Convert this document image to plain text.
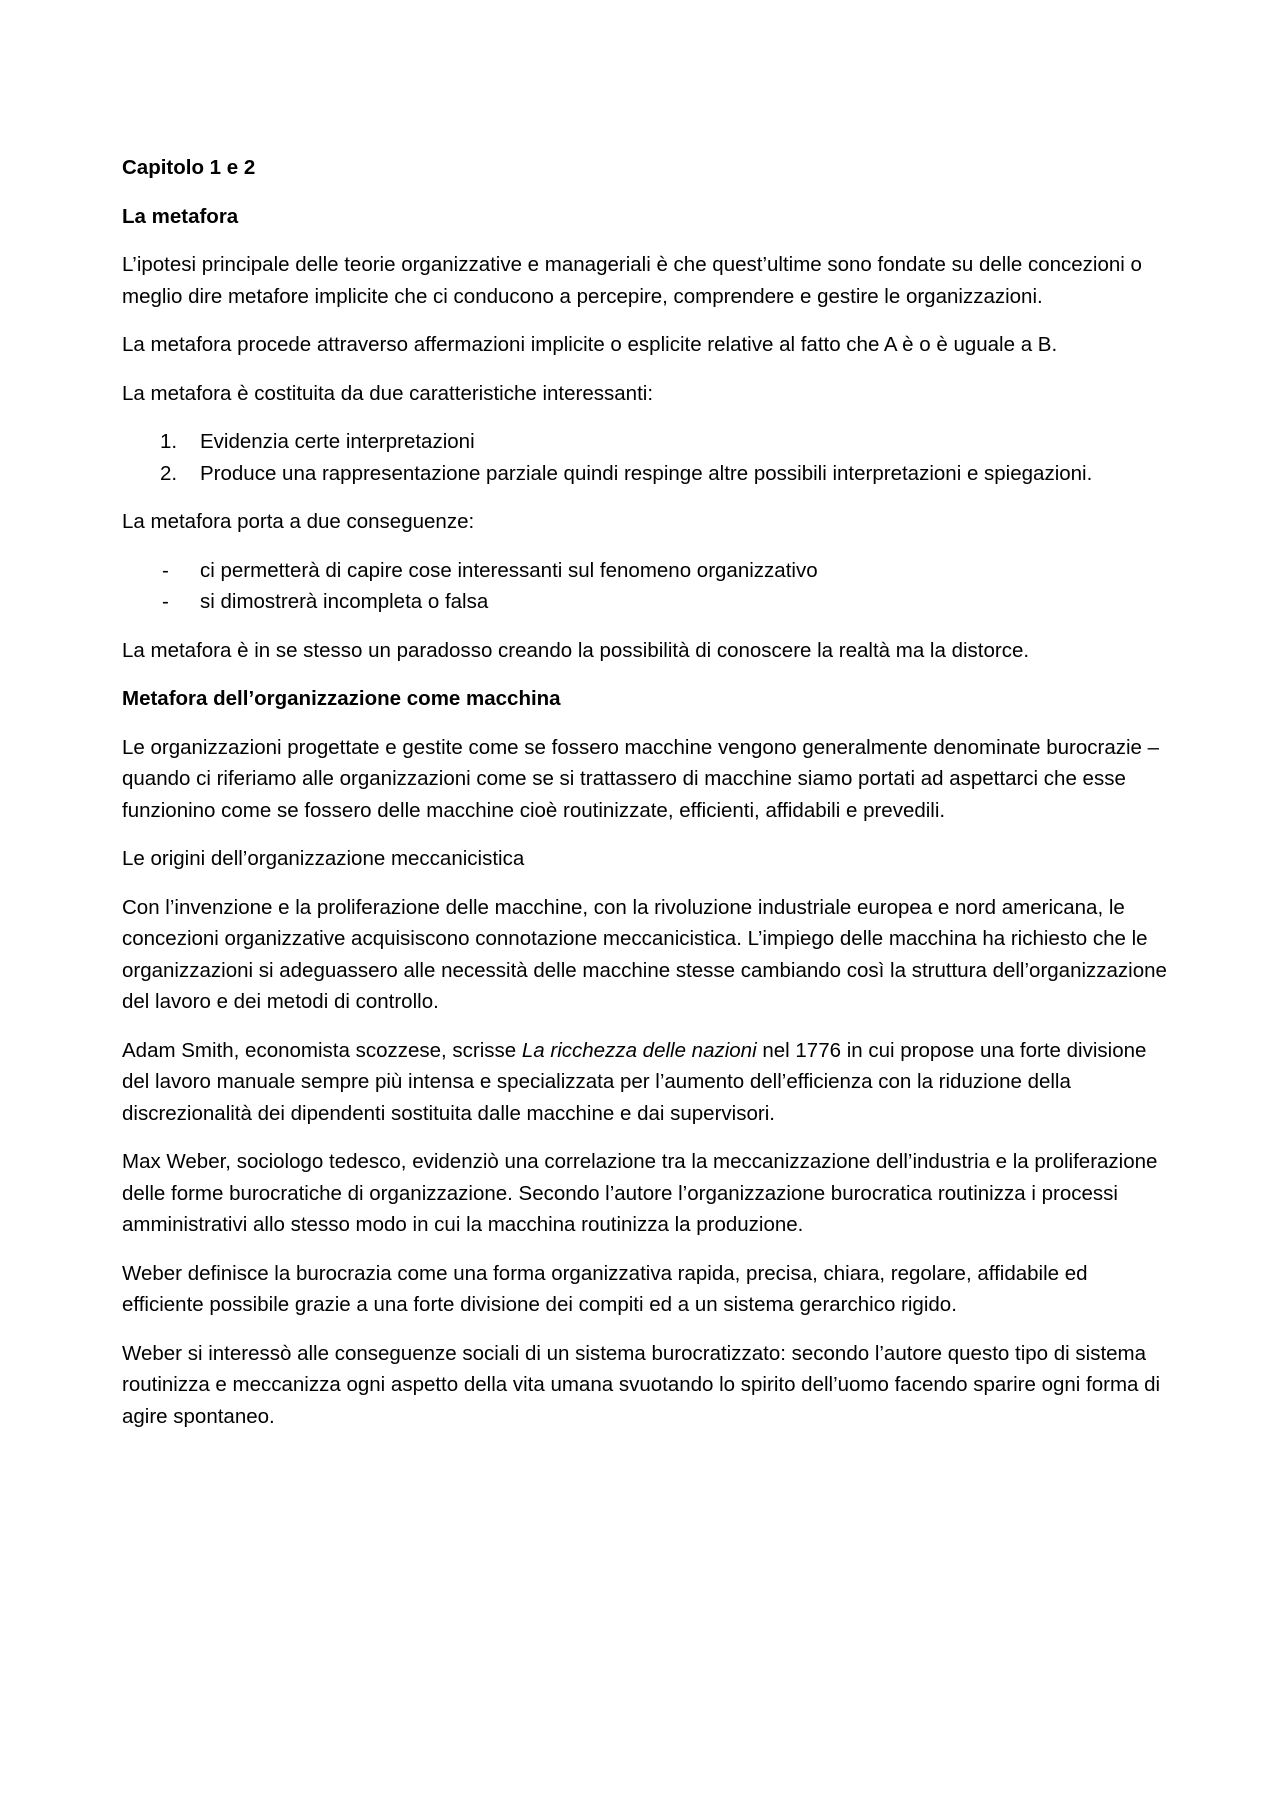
Capitolo 1 e 2

La metafora

L’ipotesi principale delle teorie organizzative e manageriali è che quest’ultime sono fondate su delle concezioni o meglio dire metafore implicite che ci conducono a percepire, comprendere e gestire le organizzazioni.

La metafora procede attraverso affermazioni implicite o esplicite relative al fatto che A è o è uguale a B.

La metafora è costituita da due caratteristiche interessanti:

1. Evidenzia certe interpretazioni
2. Produce una rappresentazione parziale quindi respinge altre possibili interpretazioni e spiegazioni.

La metafora porta a due conseguenze:

- ci permetterà di capire cose interessanti sul fenomeno organizzativo
- si dimostrerà incompleta o falsa

La metafora è in se stesso un paradosso creando la possibilità di conoscere la realtà ma la distorce.

Metafora dell’organizzazione come macchina

Le organizzazioni progettate e gestite come se fossero macchine vengono generalmente denominate burocrazie – quando ci riferiamo alle organizzazioni come se si trattassero di macchine siamo portati ad aspettarci che esse funzionino come se fossero delle macchine cioè routinizzate, efficienti, affidabili e prevedili.

Le origini dell’organizzazione meccanicistica

Con l’invenzione e la proliferazione delle macchine, con la rivoluzione industriale europea e nord americana, le concezioni organizzative acquisiscono connotazione meccanicistica. L’impiego delle macchina ha richiesto che le organizzazioni si adeguassero alle necessità delle macchine stesse cambiando così la struttura dell’organizzazione del lavoro e dei metodi di controllo.

Adam Smith, economista scozzese, scrisse La ricchezza delle nazioni nel 1776 in cui propose una forte divisione del lavoro manuale sempre più intensa e specializzata per l’aumento dell’efficienza con la riduzione della discrezionalità dei dipendenti sostituita dalle macchine e dai supervisori.

Max Weber, sociologo tedesco, evidenziò una correlazione tra la meccanizzazione dell’industria e la proliferazione delle forme burocratiche di organizzazione. Secondo l’autore l’organizzazione burocratica routinizza i processi amministrativi allo stesso modo in cui la macchina routinizza la produzione.

Weber definisce la burocrazia come una forma organizzativa rapida, precisa, chiara, regolare, affidabile ed efficiente possibile grazie a una forte divisione dei compiti ed a un sistema gerarchico rigido.

Weber si interessò alle conseguenze sociali di un sistema burocratizzato: secondo l’autore questo tipo di sistema routinizza e meccanizza ogni aspetto della vita umana svuotando lo spirito dell’uomo facendo sparire ogni forma di agire spontaneo.
